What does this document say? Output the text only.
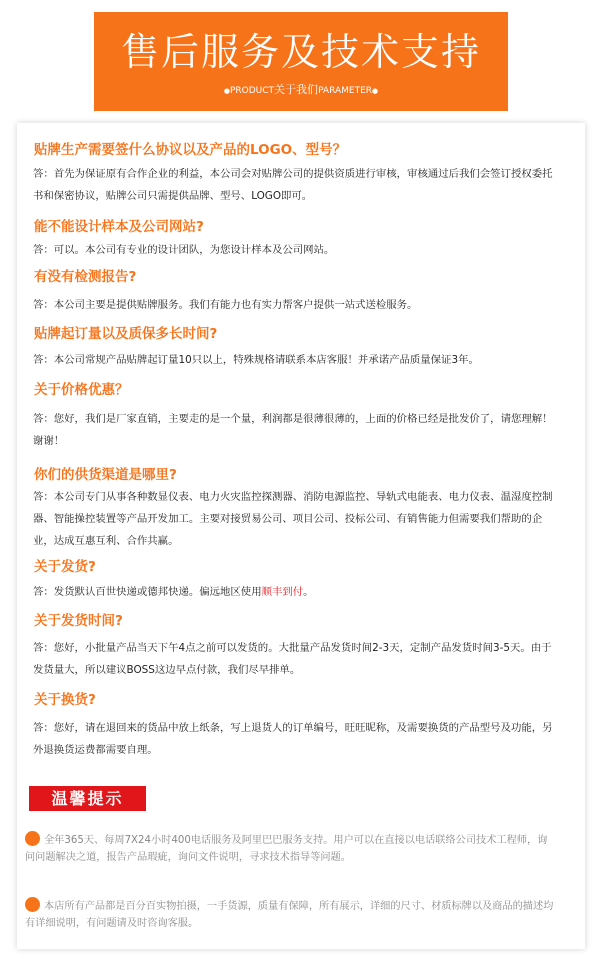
售后服务及技术支持
●PRODUCT关于我们PARAMETER●
贴牌生产需要签什么协议以及产品的LOGO、型号？
答：首先为保证原有合作企业的利益，本公司会对贴牌公司的提供资质进行审核，审核通过后我们会签订授权委托书和保密协议，贴牌公司只需提供品牌、型号、LOGO即可。
能不能设计样本及公司网站?
答：可以。本公司有专业的设计团队，为您设计样本及公司网站。
有没有检测报告?
答：本公司主要是提供贴牌服务。我们有能力也有实力帮客户提供一站式送检服务。
贴牌起订量以及质保多长时间?
答：本公司常规产品贴牌起订量10只以上，特殊规格请联系本店客服！并承诺产品质量保证3年。
关于价格优惠？
答：您好，我们是厂家直销，主要走的是一个量，利润都是很薄很薄的，上面的价格已经是批发价了，请您理解！谢谢！
你们的供货渠道是哪里?
答：本公司专门从事各种数显仪表、电力火灾监控探测器、消防电源监控、导轨式电能表、电力仪表、温湿度控制器、智能操控装置等产品开发加工。主要对接贸易公司、项目公司、投标公司、有销售能力但需要我们帮助的企业，达成互惠互利、合作共赢。
关于发货?
答：发货默认百世快递或德邦快递。偏远地区使用顺丰到付。
关于发货时间?
答：您好，小批量产品当天下午4点之前可以发货的。大批量产品发货时间2-3天，定制产品发货时间3-5天。由于发货量大，所以建议BOSS这边早点付款，我们尽早排单。
关于换货?
答：您好，请在退回来的货品中放上纸条，写上退货人的订单编号，旺旺昵称，及需要换货的产品型号及功能，另外退换货运费都需要自理。
温馨提示
全年365天、每周7X24小时400电话服务及阿里巴巴服务支持。用户可以在直接以电话联络公司技术工程师，询问问题解决之道，报告产品瑕疵，询问文件说明，寻求技术指导等问题。
本店所有产品都是百分百实物拍摄，一手货源，质量有保障，所有展示，详细的尺寸、材质标牌以及商品的描述均有详细说明，有问题请及时咨询客服。
